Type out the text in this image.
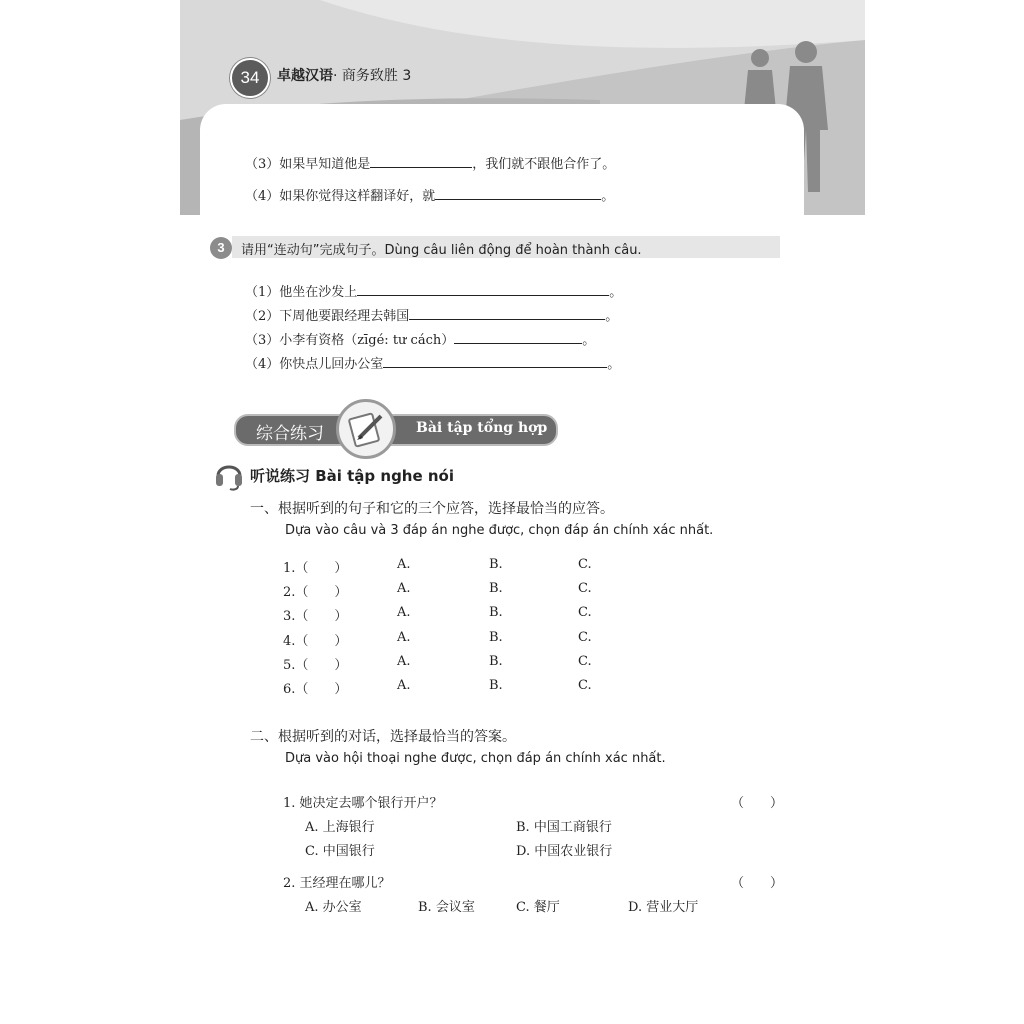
34	卓越汉语· 商务致胜 3
（3）如果早知道他是	，我们就不跟他合作了。
（4）如果你觉得这样翻译好，就	。
3	请用“连动句”完成句子。Dùng câu liên động để hoàn thành câu.
（1）他坐在沙发上	。
（2）下周他要跟经理去韩国	。
（3）小李有资格（zīgé: tư cách）	。
（4）你快点儿回办公室	。
综合练习	Bài tập tổng hợp
听说练习 Bài tập nghe nói
一、根据听到的句子和它的三个应答，选择最恰当的应答。
Dựa vào câu và 3 đáp án nghe được, chọn đáp án chính xác nhất.
1.（　　）	A.	B.	C.
2.（　　）	A.	B.	C.
3.（　　）	A.	B.	C.
4.（　　）	A.	B.	C.
5.（　　）	A.	B.	C.
6.（　　）	A.	B.	C.
二、根据听到的对话，选择最恰当的答案。
Dựa vào hội thoại nghe được, chọn đáp án chính xác nhất.
1. 她决定去哪个银行开户？	（　　）
A. 上海银行	B. 中国工商银行
C. 中国银行	D. 中国农业银行
2. 王经理在哪儿？	（　　）
A. 办公室	B. 会议室	C. 餐厅	D. 营业大厅
